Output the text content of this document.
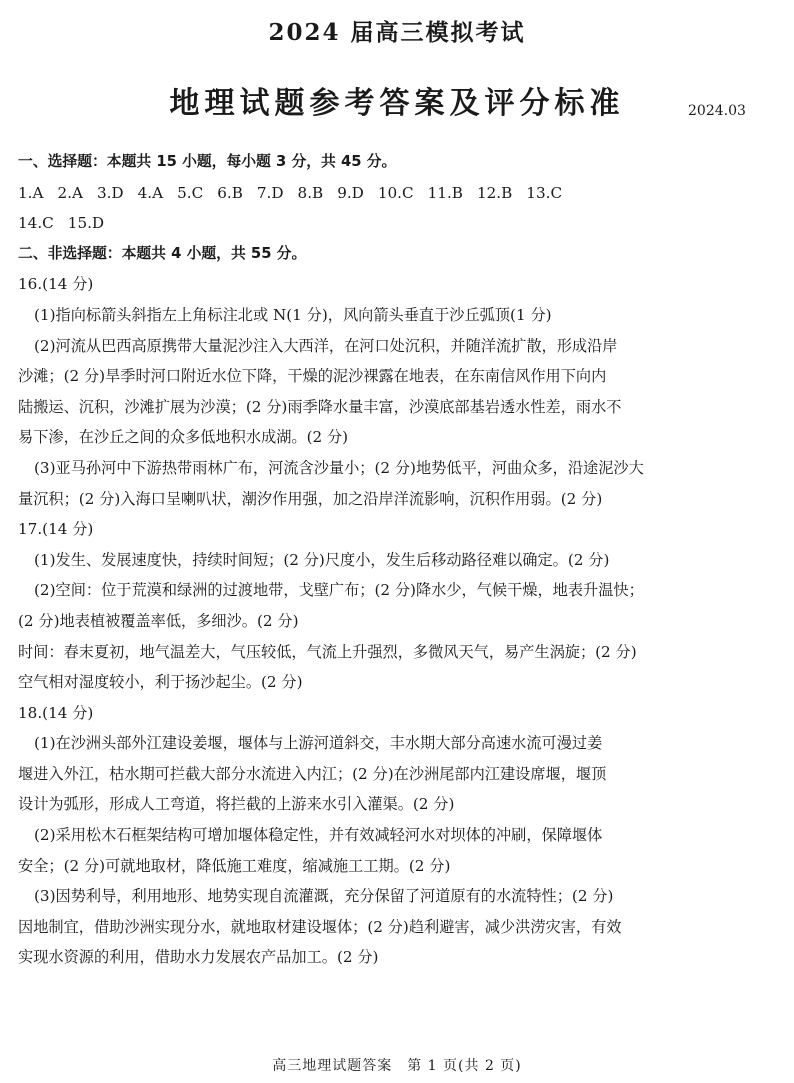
2024 届高三模拟考试
地理试题参考答案及评分标准	2024.03
一、选择题：本题共 15 小题，每小题 3 分，共 45 分。
1.A 2.A 3.D 4.A 5.C 6.B 7.D 8.B 9.D 10.C 11.B 12.B 13.C
14.C 15.D
二、非选择题：本题共 4 小题，共 55 分。
16.(14 分)
(1)指向标箭头斜指左上角标注北或 N(1 分)，风向箭头垂直于沙丘弧顶(1 分)
(2)河流从巴西高原携带大量泥沙注入大西洋，在河口处沉积，并随洋流扩散，形成沿岸
沙滩；(2 分)旱季时河口附近水位下降，干燥的泥沙裸露在地表，在东南信风作用下向内
陆搬运、沉积，沙滩扩展为沙漠；(2 分)雨季降水量丰富，沙漠底部基岩透水性差，雨水不
易下渗，在沙丘之间的众多低地积水成湖。(2 分)
(3)亚马孙河中下游热带雨林广布，河流含沙量小；(2 分)地势低平，河曲众多，沿途泥沙大
量沉积；(2 分)入海口呈喇叭状，潮汐作用强，加之沿岸洋流影响，沉积作用弱。(2 分)
17.(14 分)
(1)发生、发展速度快，持续时间短；(2 分)尺度小，发生后移动路径难以确定。(2 分)
(2)空间：位于荒漠和绿洲的过渡地带，戈壁广布；(2 分)降水少，气候干燥，地表升温快；
(2 分)地表植被覆盖率低，多细沙。(2 分)
时间：春末夏初，地气温差大，气压较低，气流上升强烈，多微风天气，易产生涡旋；(2 分)
空气相对湿度较小，利于扬沙起尘。(2 分)
18.(14 分)
(1)在沙洲头部外江建设姜堰，堰体与上游河道斜交，丰水期大部分高速水流可漫过姜
堰进入外江，枯水期可拦截大部分水流进入内江；(2 分)在沙洲尾部内江建设席堰，堰顶
设计为弧形，形成人工弯道，将拦截的上游来水引入灌渠。(2 分)
(2)采用松木石框架结构可增加堰体稳定性，并有效减轻河水对坝体的冲刷，保障堰体
安全；(2 分)可就地取材，降低施工难度，缩减施工工期。(2 分)
(3)因势利导，利用地形、地势实现自流灌溉，充分保留了河道原有的水流特性；(2 分)
因地制宜，借助沙洲实现分水，就地取材建设堰体；(2 分)趋利避害，减少洪涝灾害，有效
实现水资源的利用，借助水力发展农产品加工。(2 分)
高三地理试题答案　第 1 页(共 2 页)
